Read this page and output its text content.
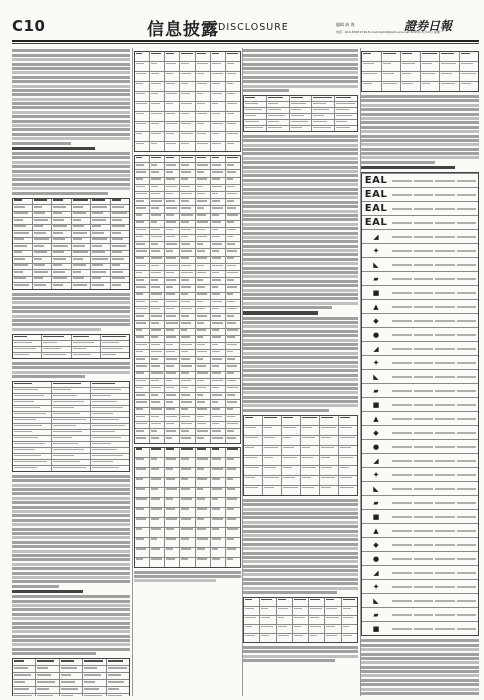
C10	信息披露 DISCLOSURE	编辑 曲 海
电话：010-83251716 E-mail:zqrb9@zqrb.sina.net 2025年3月10日 星期一
證券日報
EAL
EAL
EAL
EAL
◢
✦
◣
▰
■
▲
◆
●
◢
✦
◣
▰
■
▲
◆
●
◢
✦
◣
▰
■
▲
◆
●
◢
✦
◣
▰
■
